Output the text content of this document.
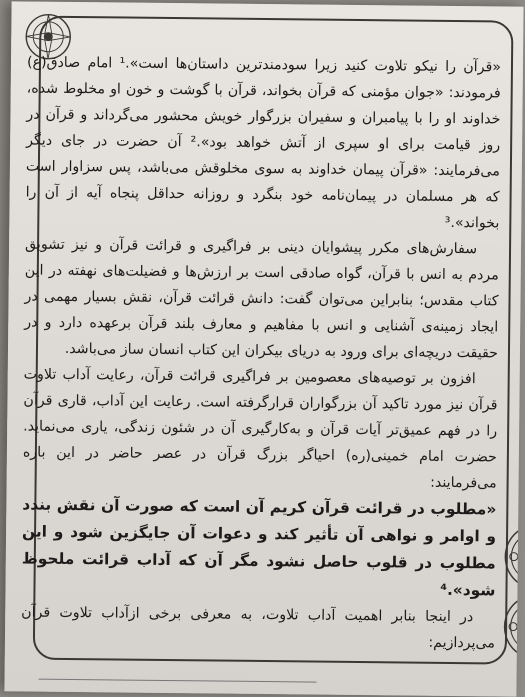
«قرآن را نیکو تلاوت کنید زیرا سودمندترین داستان‌ها است».¹ امام صادق(ع) فرمودند: «جوان مؤمنی که قرآن بخواند، قرآن با گوشت و خون او مخلوط شده، خداوند او را با پیامبران و سفیران بزرگوار خویش محشور می‌گرداند و قرآن در روز قیامت برای او سپری از آتش خواهد بود».² آن حضرت در جای دیگر می‌فرمایند: «قرآن پیمان خداوند به سوی مخلوقش می‌باشد، پس سزاوار است که هر مسلمان در پیمان‌نامه خود بنگرد و روزانه حداقل پنجاه آیه از آن را بخواند».³

سفارش‌های مکرر پیشوایان دینی بر فراگیری و قرائت قرآن و نیز تشویق مردم به انس با قرآن، گواه صادقی است بر ارزش‌ها و فضیلت‌های نهفته در این کتاب مقدس؛ بنابراین می‌توان گفت: دانش قرائت قرآن، نقش بسیار مهمی در ایجاد زمینه‌ی آشنایی و انس با مفاهیم و معارف بلند قرآن برعهده دارد و در حقیقت دریچه‌ای برای ورود به دریای بیکران این کتاب انسان ساز می‌باشد.

افزون بر توصیه‌های معصومین بر فراگیری قرائت قرآن، رعایت آداب تلاوت قرآن نیز مورد تاکید آن بزرگواران قرارگرفته است. رعایت این آداب، قاری قرآن را در فهم عمیق‌تر آیات قرآن و به‌کارگیری آن در شئون زندگی، یاری می‌نماید. حضرت امام خمینی(ره) احیاگر بزرگ قرآن در عصر حاضر در این باره می‌فرمایند:

«مطلوب در قرائت قرآن کریم آن است که صورت آن نقش بندد و اوامر و نواهی آن تأثیر کند و دعوات آن جایگزین شود و این مطلوب در قلوب حاصل نشود مگر آن که آداب قرائت ملحوظ شود».⁴

در اینجا بنابر اهمیت آداب تلاوت، به معرفی برخی ازآداب تلاوت قرآن می‌پردازیم:
